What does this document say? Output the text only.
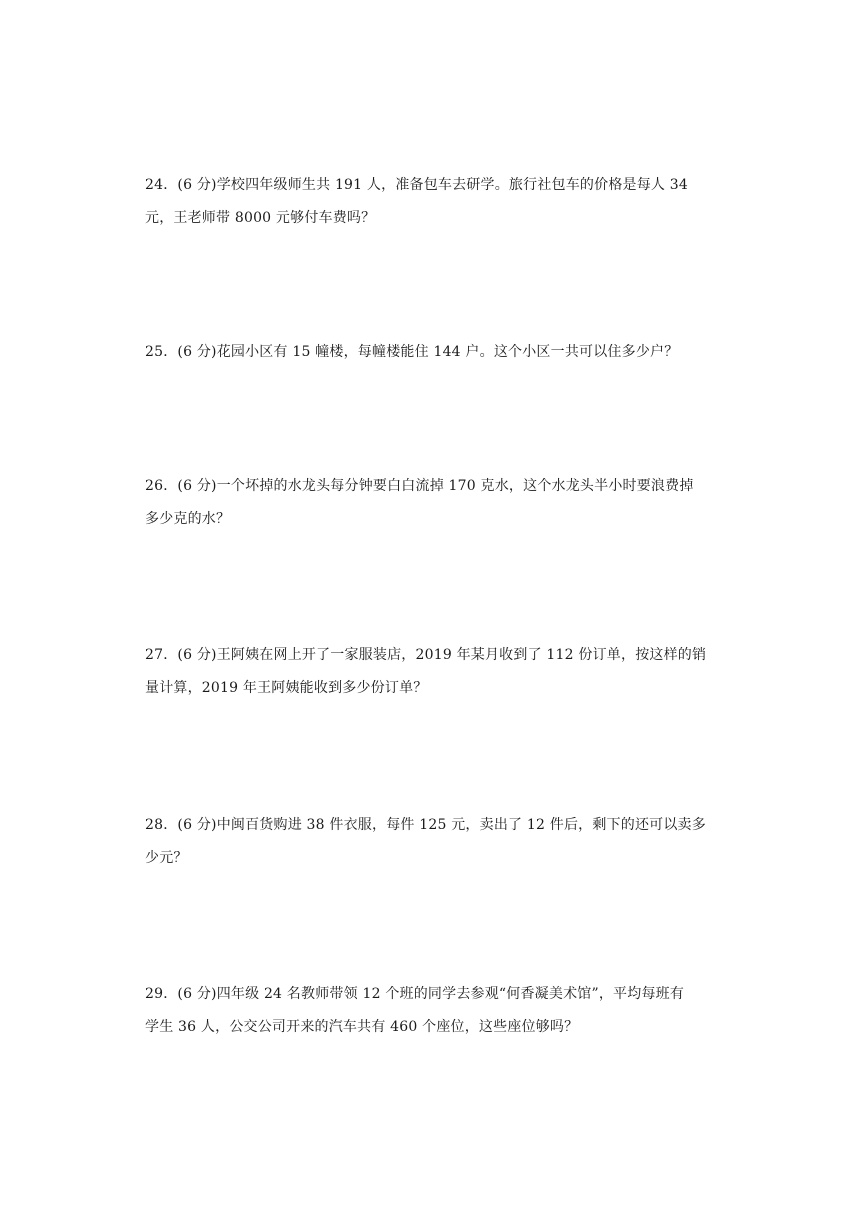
24．(6 分)学校四年级师生共 191 人，准备包车去研学。旅行社包车的价格是每人 34
元，王老师带 8000 元够付车费吗？
25．(6 分)花园小区有 15 幢楼，每幢楼能住 144 户。这个小区一共可以住多少户？
26．(6 分)一个坏掉的水龙头每分钟要白白流掉 170 克水，这个水龙头半小时要浪费掉
多少克的水？
27．(6 分)王阿姨在网上开了一家服装店，2019 年某月收到了 112 份订单，按这样的销
量计算，2019 年王阿姨能收到多少份订单？
28．(6 分)中闽百货购进 38 件衣服，每件 125 元，卖出了 12 件后，剩下的还可以卖多
少元？
29．(6 分)四年级 24 名教师带领 12 个班的同学去参观“何香凝美术馆”，平均每班有
学生 36 人，公交公司开来的汽车共有 460 个座位，这些座位够吗？
